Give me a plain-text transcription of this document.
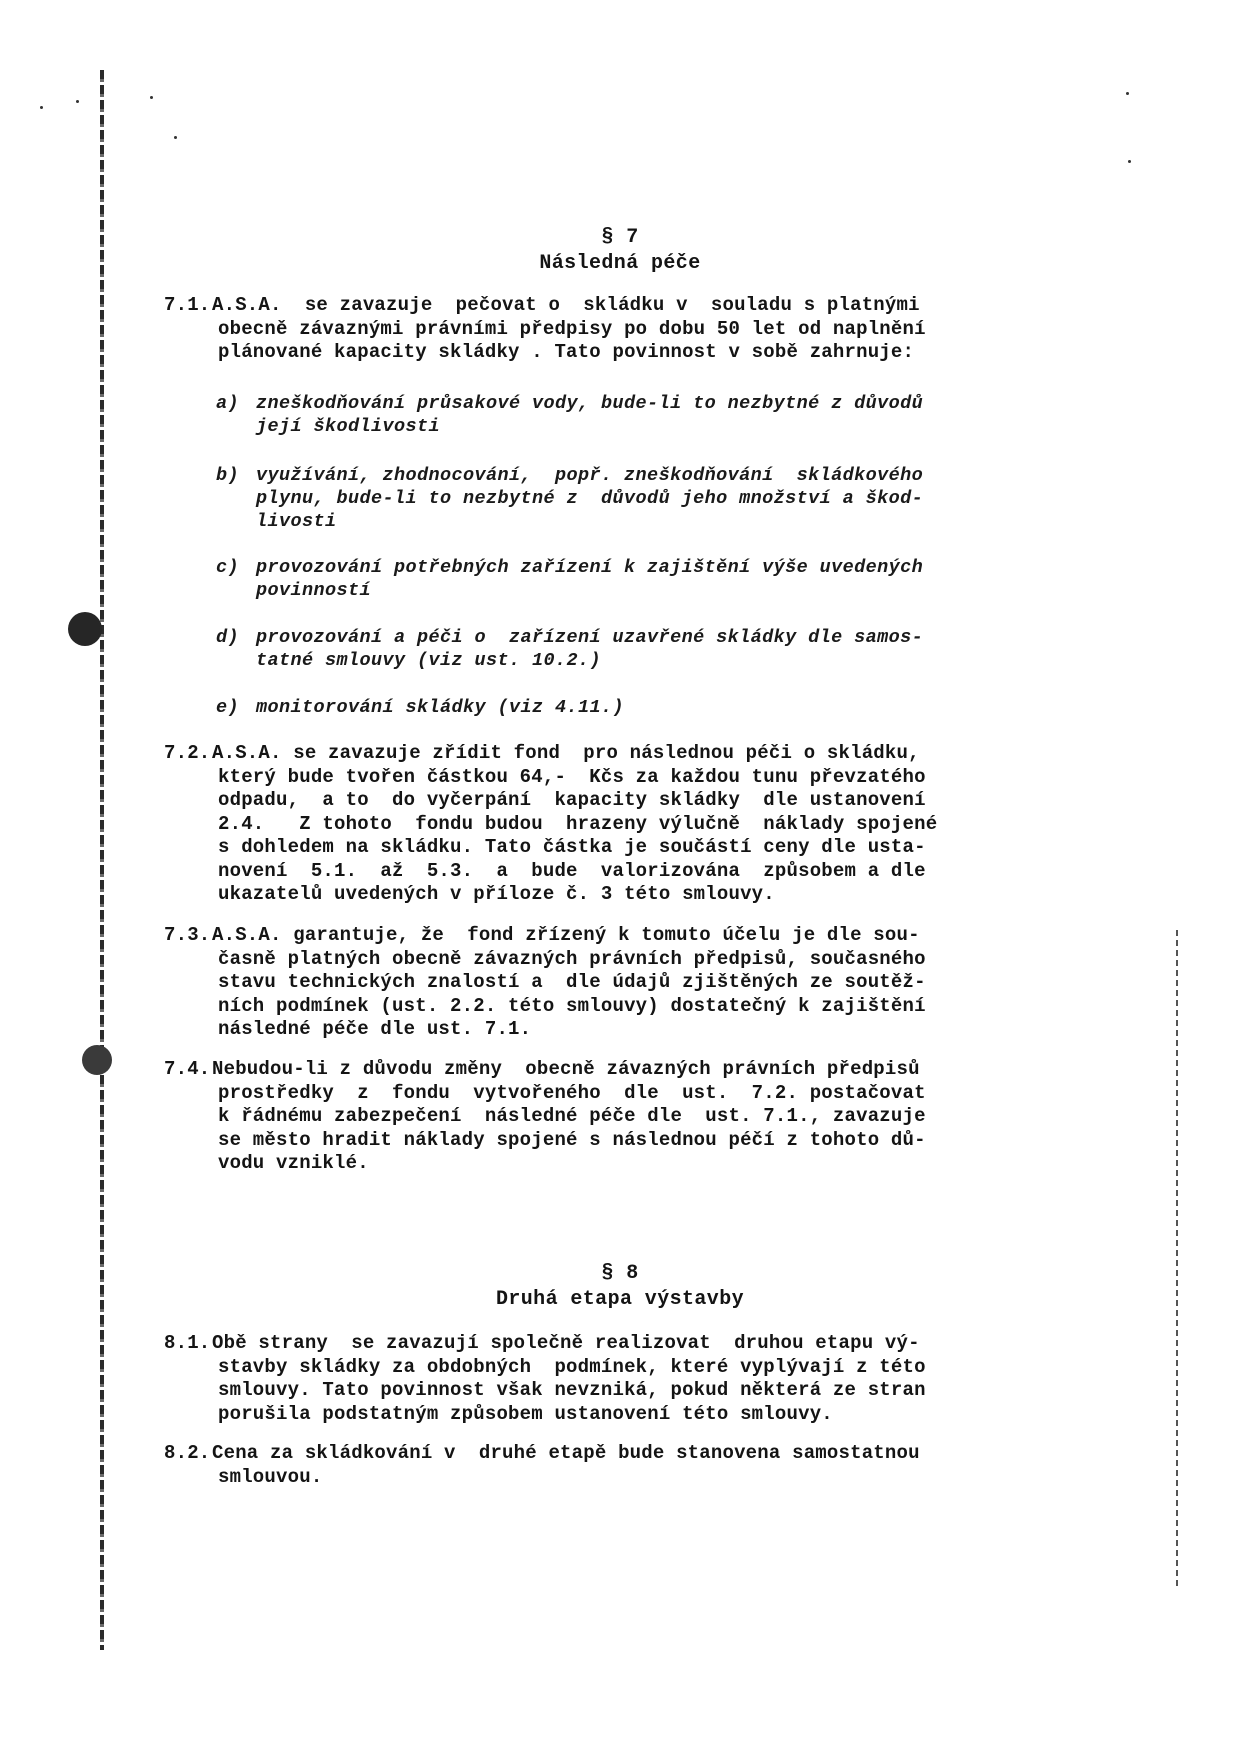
§ 7
Následná péče
7.1. A.S.A.  se zavazuje  pečovat o  skládku v  souladu s platnými
obecně závaznými právními předpisy po dobu 50 let od naplnění
plánované kapacity skládky . Tato povinnost v sobě zahrnuje:
a) zneškodňování průsakové vody, bude-li to nezbytné z důvodů
její škodlivosti
b) využívání, zhodnocování,  popř. zneškodňování  skládkového
plynu, bude-li to nezbytné z  důvodů jeho množství a škod-
livosti
c) provozování potřebných zařízení k zajištění výše uvedených
povinností
d) provozování a péči o  zařízení uzavřené skládky dle samos-
tatné smlouvy (viz ust. 10.2.)
e) monitorování skládky (viz 4.11.)
7.2. A.S.A. se zavazuje zřídit fond  pro následnou péči o skládku,
který bude tvořen částkou 64,-  Kčs za každou tunu převzatého
odpadu,  a to  do vyčerpání  kapacity skládky  dle ustanovení
2.4.   Z tohoto  fondu budou  hrazeny výlučně  náklady spojené
s dohledem na skládku. Tato částka je součástí ceny dle usta-
novení  5.1.  až  5.3.  a  bude  valorizována  způsobem a dle
ukazatelů uvedených v příloze č. 3 této smlouvy.
7.3. A.S.A. garantuje, že  fond zřízený k tomuto účelu je dle sou-
časně platných obecně závazných právních předpisů, současného
stavu technických znalostí a  dle údajů zjištěných ze soutěž-
ních podmínek (ust. 2.2. této smlouvy) dostatečný k zajištění
následné péče dle ust. 7.1.
7.4. Nebudou-li z důvodu změny  obecně závazných právních předpisů
prostředky  z  fondu  vytvořeného  dle  ust.  7.2. postačovat
k řádnému zabezpečení  následné péče dle  ust. 7.1., zavazuje
se město hradit náklady spojené s následnou péčí z tohoto dů-
vodu vzniklé.
§ 8
Druhá etapa výstavby
8.1. Obě strany  se zavazují společně realizovat  druhou etapu vý-
stavby skládky za obdobných  podmínek, které vyplývají z této
smlouvy. Tato povinnost však nevzniká, pokud některá ze stran
porušila podstatným způsobem ustanovení této smlouvy.
8.2. Cena za skládkování v  druhé etapě bude stanovena samostatnou
smlouvou.
